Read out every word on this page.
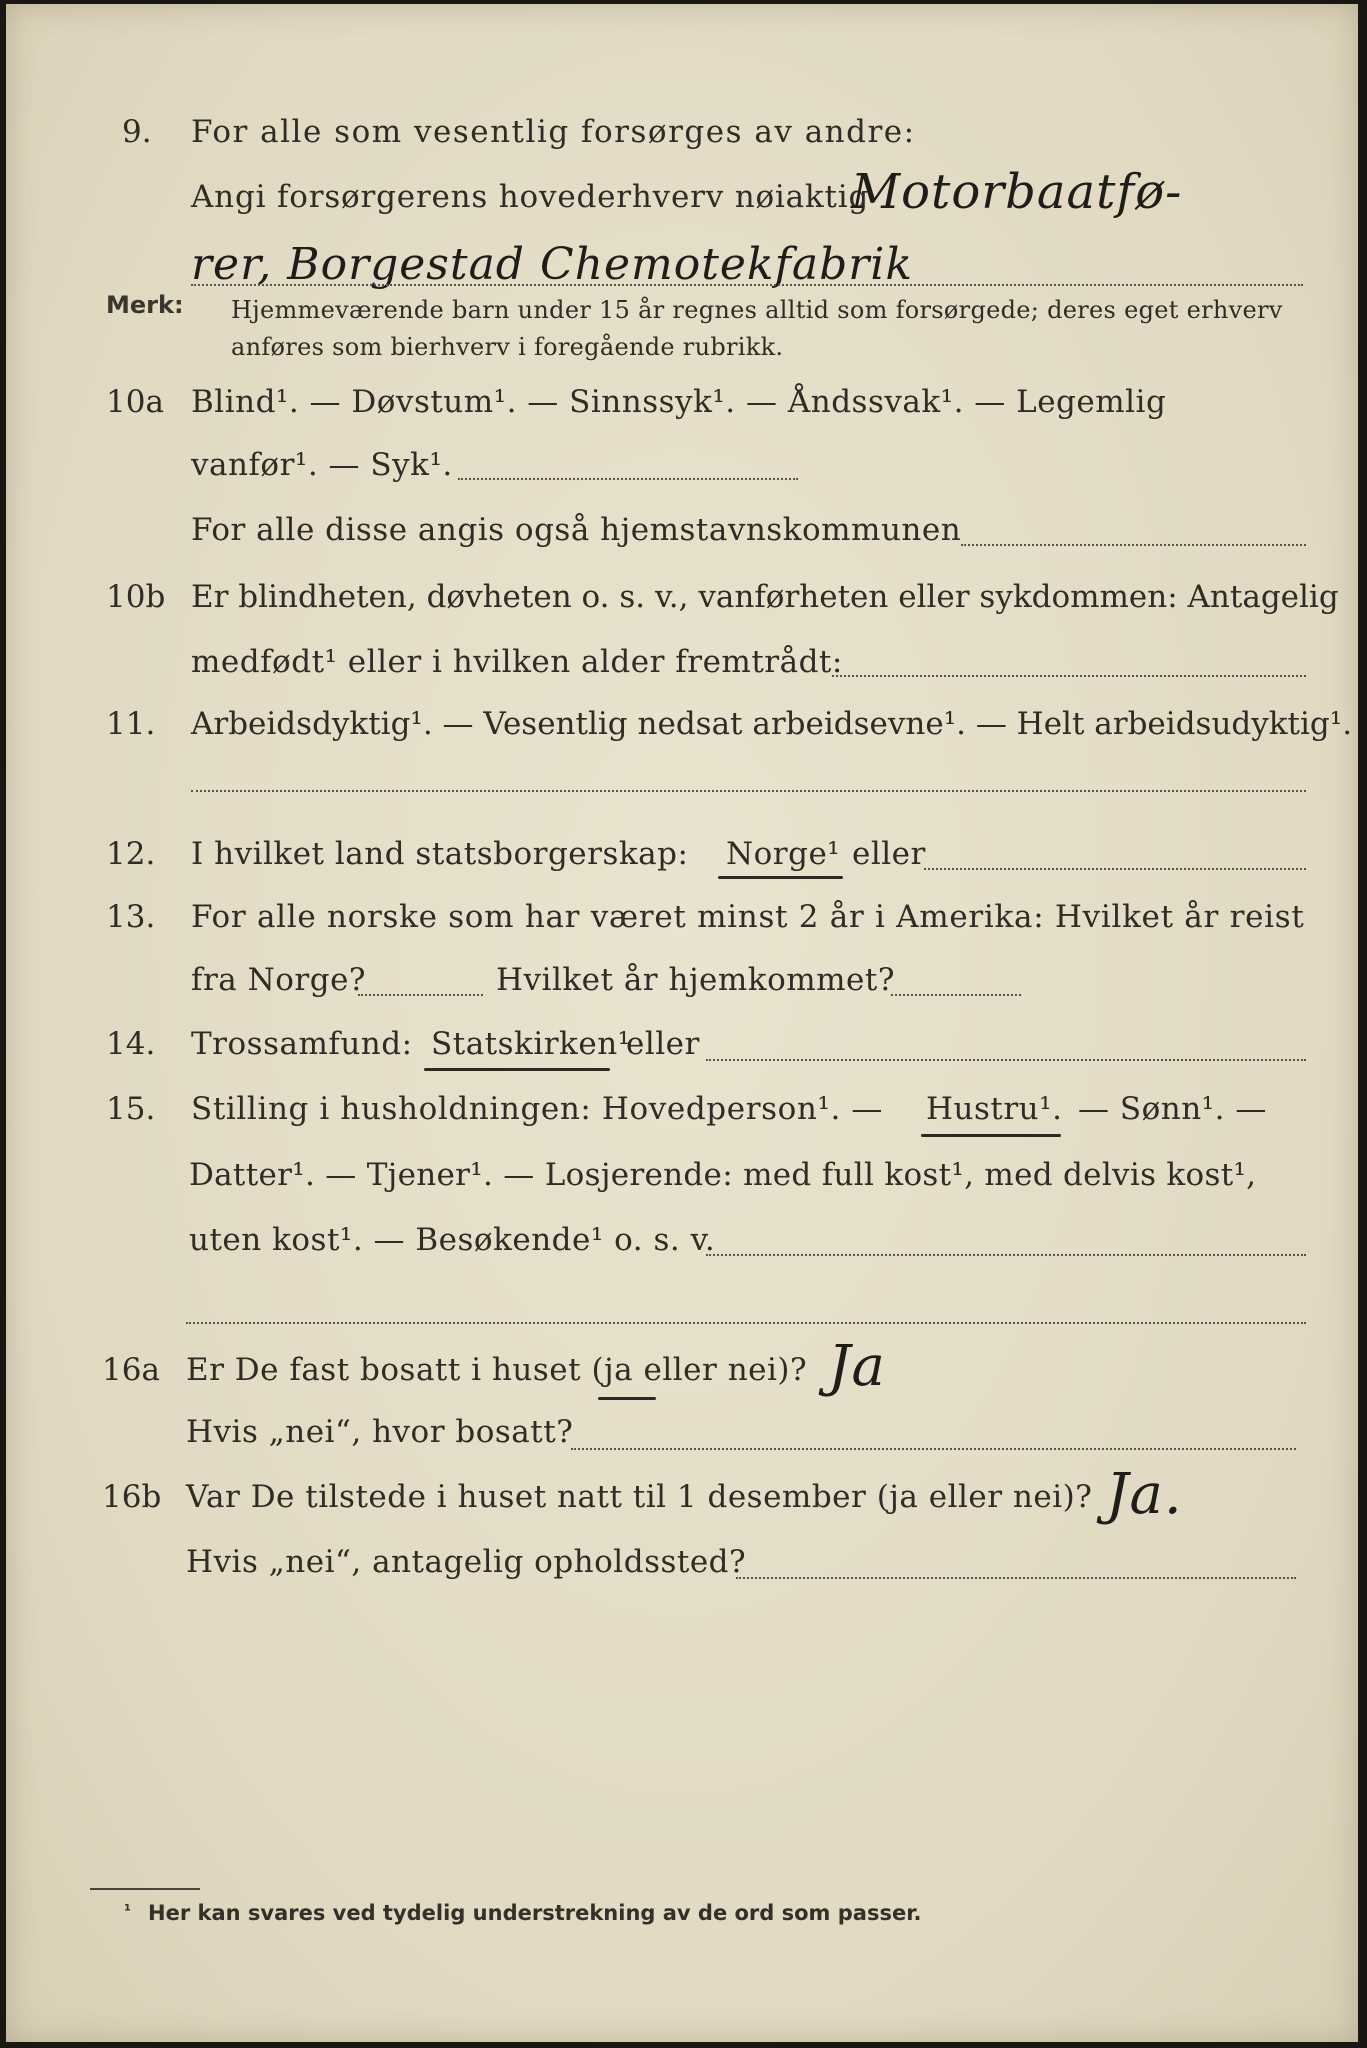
9. For alle som vesentlig forsørges av andre:
Angi forsørgerens hovederhverv nøiaktig
Motorbaatfø-
rer, Borgestad Chemotekfabrik
Merk: Hjemmeværende barn under 15 år regnes alltid som forsørgede; deres eget erhverv
anføres som bierhverv i foregående rubrikk.
10a Blind¹. — Døvstum¹. — Sinnssyk¹. — Åndssvak¹. — Legemlig
vanfør¹. — Syk¹.
For alle disse angis også hjemstavnskommunen
10b Er blindheten, døvheten o. s. v., vanførheten eller sykdommen: Antagelig
medfødt¹ eller i hvilken alder fremtrådt:
11. Arbeidsdyktig¹. — Vesentlig nedsat arbeidsevne¹. — Helt arbeidsudyktig¹.
12. I hvilket land statsborgerskap: Norge¹ eller
13. For alle norske som har været minst 2 år i Amerika: Hvilket år reist
fra Norge?	Hvilket år hjemkommet?
14. Trossamfund: Statskirken¹
eller
15. Stilling i husholdningen: Hovedperson¹. — Hustru¹. — Sønn¹. —
Datter¹. — Tjener¹. — Losjerende: med full kost¹, med delvis kost¹,
uten kost¹. — Besøkende¹ o. s. v.
16a Er De fast bosatt i huset (ja eller nei)? Ja
Hvis „nei“, hvor bosatt?
16b Var De tilstede i huset natt til 1 desember (ja eller nei)? Ja.
Hvis „nei“, antagelig opholdssted?
¹ Her kan svares ved tydelig understrekning av de ord som passer.
